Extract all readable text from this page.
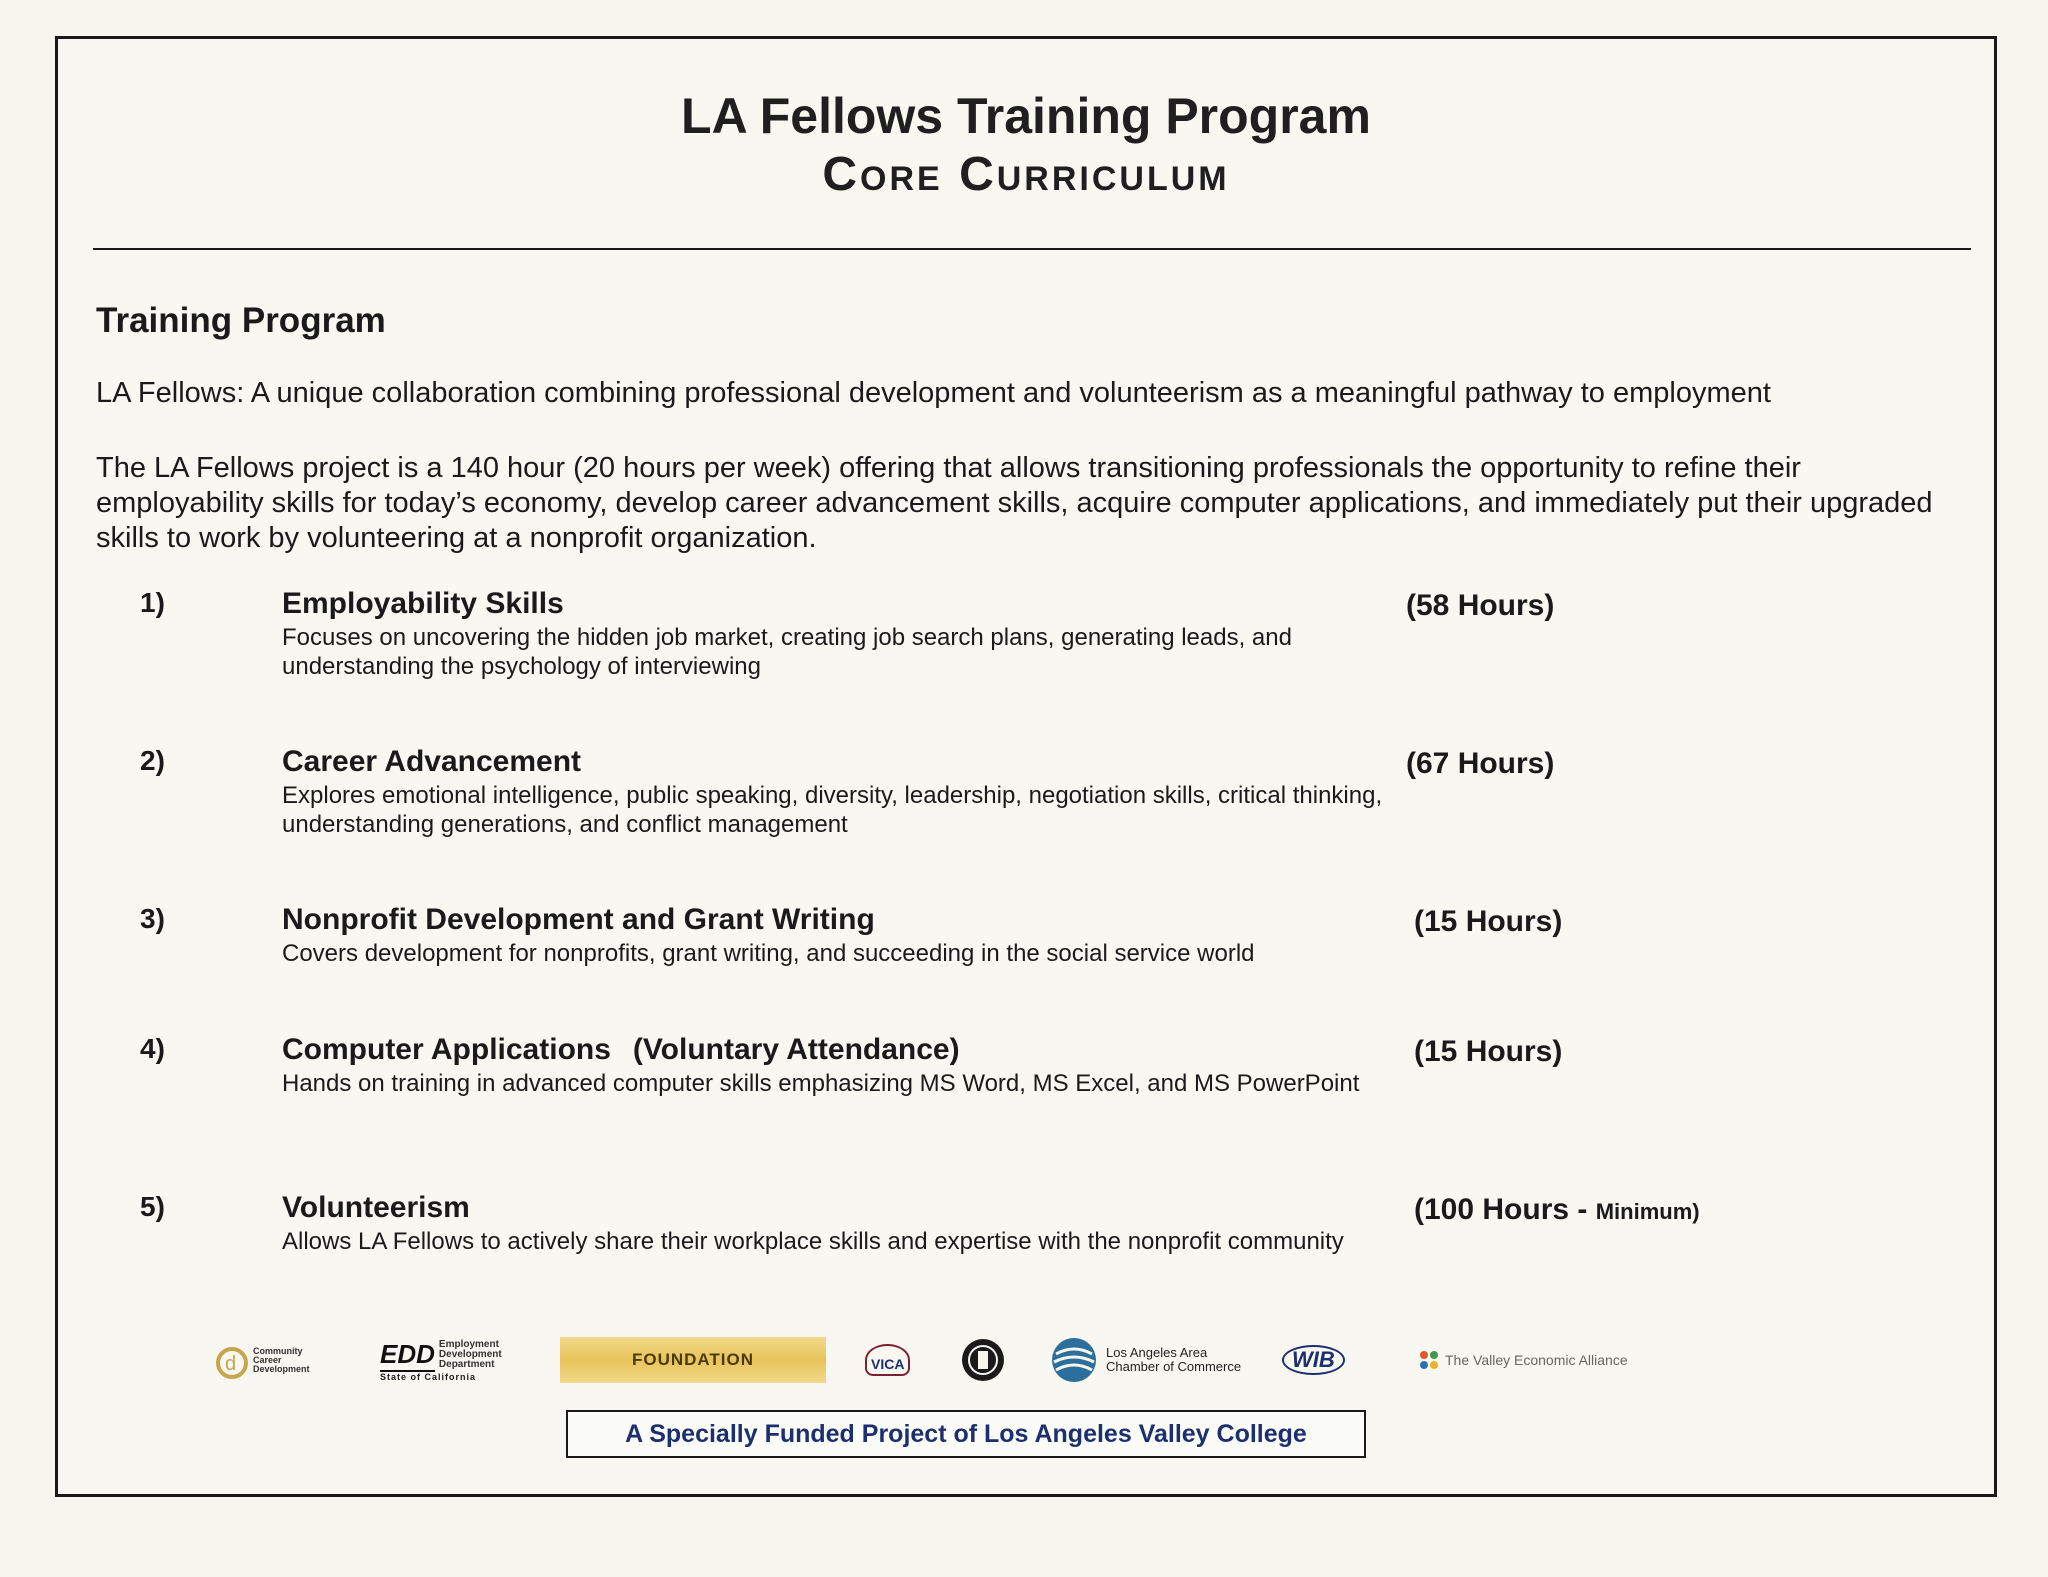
LA Fellows Training Program
Core Curriculum
Training Program
LA Fellows: A unique collaboration combining professional development and volunteerism as a meaningful pathway to employment
The LA Fellows project is a 140 hour (20 hours per week) offering that allows transitioning professionals the opportunity to refine their employability skills for today’s economy, develop career advancement skills, acquire computer applications, and immediately put their upgraded skills to work by volunteering at a nonprofit organization.
1)	Employability Skills
Focuses on uncovering the hidden job market, creating job search plans, generating leads, and understanding the psychology of interviewing
(58 Hours)
2)	Career Advancement
Explores emotional intelligence, public speaking, diversity, leadership, negotiation skills, critical thinking, understanding generations, and conflict management
(67 Hours)
3)	Nonprofit Development and Grant Writing
Covers development for nonprofits, grant writing, and succeeding in the social service world
(15 Hours)
4)	Computer Applications (Voluntary Attendance)
Hands on training in advanced computer skills emphasizing MS Word, MS Excel, and MS PowerPoint
(15 Hours)
5)	Volunteerism
Allows LA Fellows to actively share their workplace skills and expertise with the nonprofit community
(100 Hours - Minimum)
d
Community
Career
Development	EDD Employment
Development
Department
State of California
FOUNDATION	VICA
Los Angeles Area
Chamber of Commerce	WIB	The Valley Economic Alliance
A Specially Funded Project of Los Angeles Valley College
